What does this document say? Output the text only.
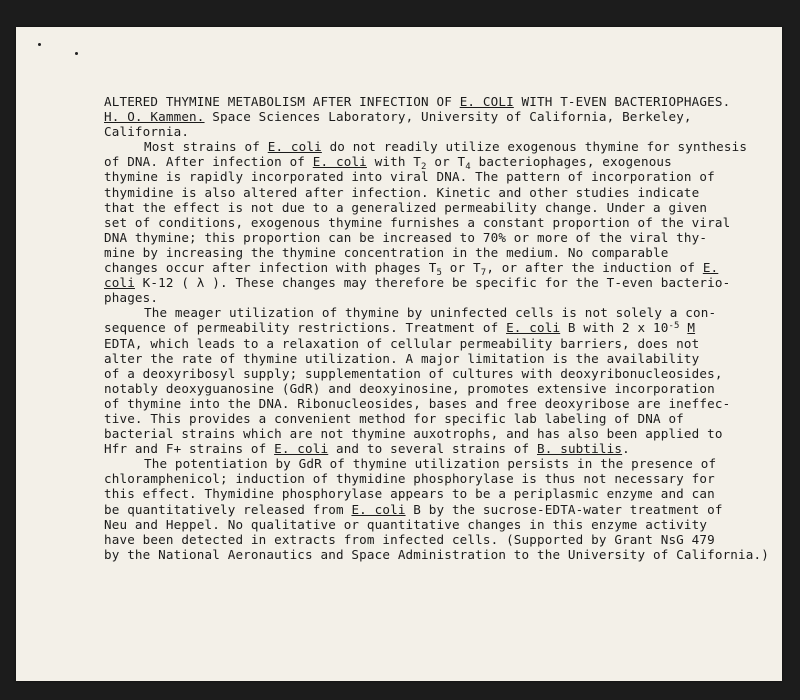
ALTERED THYMINE METABOLISM AFTER INFECTION OF E. COLI WITH T-EVEN BACTERIOPHAGES.
H. O. Kammen. Space Sciences Laboratory, University of California, Berkeley,
California.
Most strains of E. coli do not readily utilize exogenous thymine for synthesis
of DNA. After infection of E. coli with $T_2$ or $T_4$ bacteriophages, exogenous
thymine is rapidly incorporated into viral DNA. The pattern of incorporation of
thymidine is also altered after infection. Kinetic and other studies indicate
that the effect is not due to a generalized permeability change. Under a given
set of conditions, exogenous thymine furnishes a constant proportion of the viral
DNA thymine; this proportion can be increased to 70% or more of the viral thy-
mine by increasing the thymine concentration in the medium. No comparable
changes occur after infection with phages $T_5$ or $T_7$, or after the induction of E.
coli K-12 ( λ ). These changes may therefore be specific for the T-even bacterio-
phages.
The meager utilization of thymine by uninfected cells is not solely a con-
sequence of permeability restrictions. Treatment of E. coli B with 2 x $10^{-5}$ M
EDTA, which leads to a relaxation of cellular permeability barriers, does not
alter the rate of thymine utilization. A major limitation is the availability
of a deoxyribosyl supply; supplementation of cultures with deoxyribonucleosides,
notably deoxyguanosine (GdR) and deoxyinosine, promotes extensive incorporation
of thymine into the DNA. Ribonucleosides, bases and free deoxyribose are ineffec-
tive. This provides a convenient method for specific lab labeling of DNA of
bacterial strains which are not thymine auxotrophs, and has also been applied to
Hfr and F+ strains of E. coli and to several strains of B. subtilis.
The potentiation by GdR of thymine utilization persists in the presence of
chloramphenicol; induction of thymidine phosphorylase is thus not necessary for
this effect. Thymidine phosphorylase appears to be a periplasmic enzyme and can
be quantitatively released from E. coli B by the sucrose-EDTA-water treatment of
Neu and Heppel. No qualitative or quantitative changes in this enzyme activity
have been detected in extracts from infected cells. (Supported by Grant NsG 479
by the National Aeronautics and Space Administration to the University of California.)
